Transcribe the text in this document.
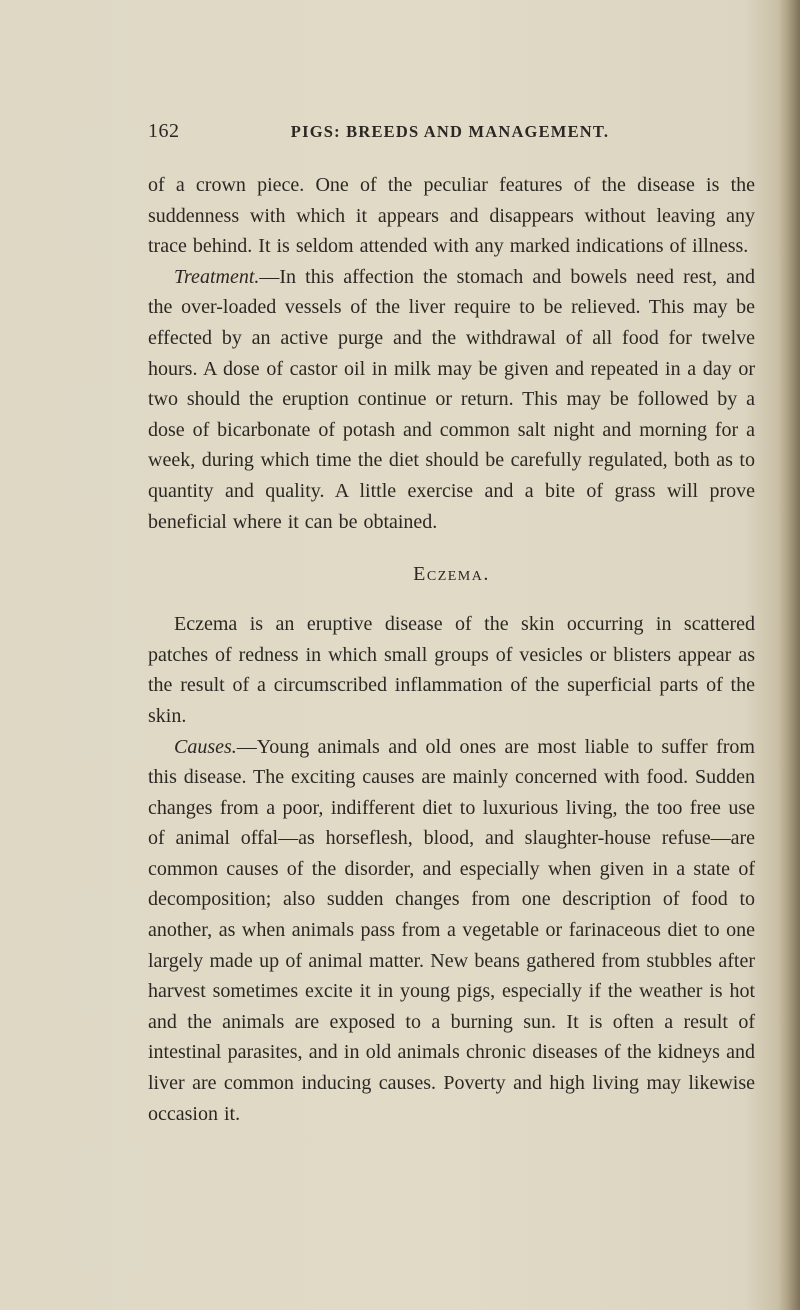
162	PIGS: BREEDS AND MANAGEMENT.

of a crown piece. One of the peculiar features of the disease is the suddenness with which it appears and disappears without leaving any trace behind. It is seldom attended with any marked indications of illness.

Treatment.—In this affection the stomach and bowels need rest, and the over-loaded vessels of the liver require to be relieved. This may be effected by an active purge and the withdrawal of all food for twelve hours. A dose of castor oil in milk may be given and repeated in a day or two should the eruption continue or return. This may be followed by a dose of bicarbonate of potash and common salt night and morning for a week, during which time the diet should be carefully regulated, both as to quantity and quality. A little exercise and a bite of grass will prove beneficial where it can be obtained.

Eczema.

Eczema is an eruptive disease of the skin occurring in scattered patches of redness in which small groups of vesicles or blisters appear as the result of a circumscribed inflammation of the superficial parts of the skin.

Causes.—Young animals and old ones are most liable to suffer from this disease. The exciting causes are mainly concerned with food. Sudden changes from a poor, indifferent diet to luxurious living, the too free use of animal offal—as horseflesh, blood, and slaughter-house refuse—are common causes of the disorder, and especially when given in a state of decomposition; also sudden changes from one description of food to another, as when animals pass from a vegetable or farinaceous diet to one largely made up of animal matter. New beans gathered from stubbles after harvest sometimes excite it in young pigs, especially if the weather is hot and the animals are exposed to a burning sun. It is often a result of intestinal parasites, and in old animals chronic diseases of the kidneys and liver are common inducing causes. Poverty and high living may likewise occasion it.
